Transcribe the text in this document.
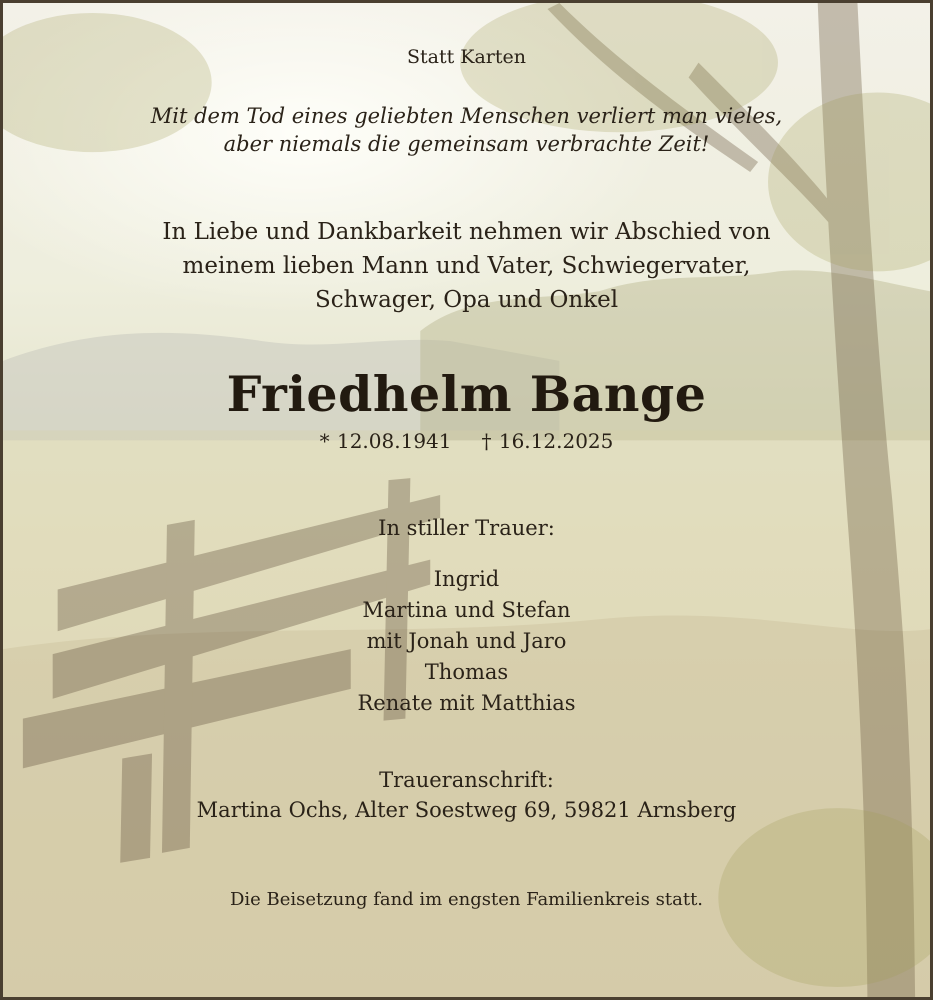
Statt Karten
Mit dem Tod eines geliebten Menschen verliert man vieles,
aber niemals die gemeinsam verbrachte Zeit!
In Liebe und Dankbarkeit nehmen wir Abschied von
meinem lieben Mann und Vater, Schwiegervater,
Schwager, Opa und Onkel
Friedhelm Bange
* 12.08.1941 † 16.12.2025
In stiller Trauer:
Ingrid
Martina und Stefan
mit Jonah und Jaro
Thomas
Renate mit Matthias
Traueranschrift:
Martina Ochs, Alter Soestweg 69, 59821 Arnsberg
Die Beisetzung fand im engsten Familienkreis statt.
